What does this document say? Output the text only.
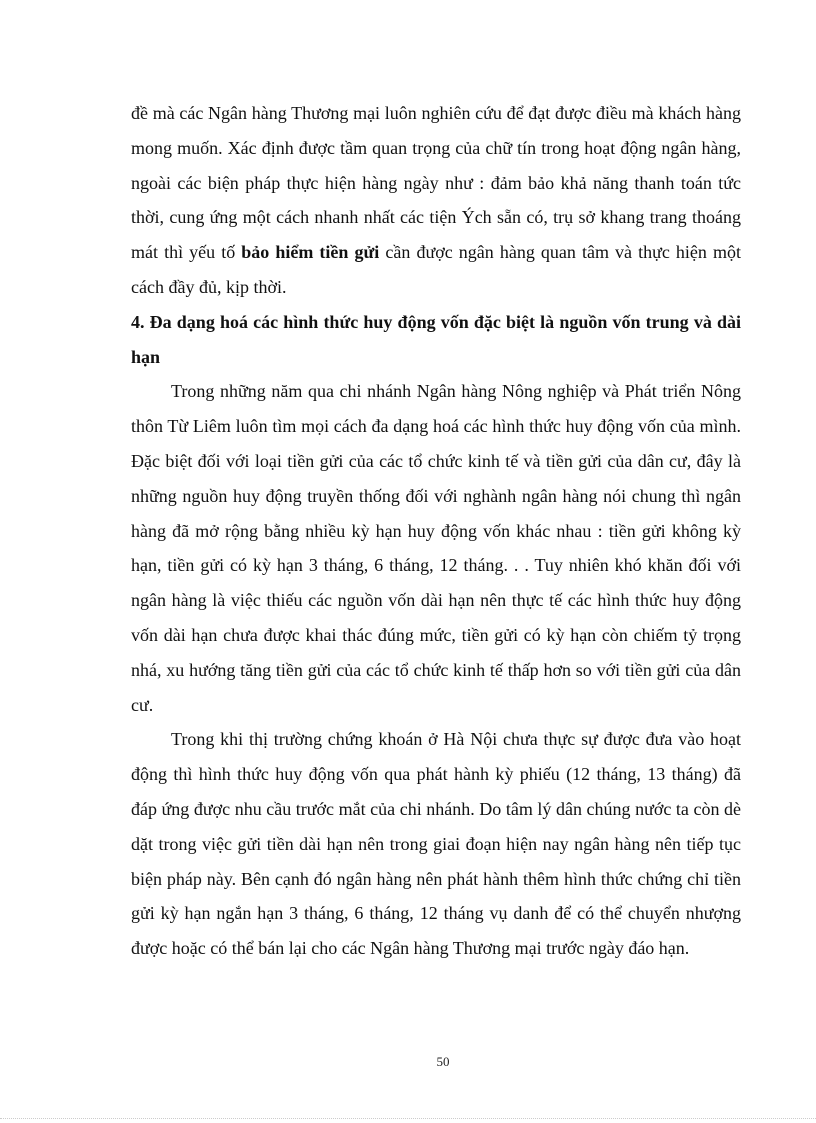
đề mà các Ngân hàng Thương mại luôn nghiên cứu để đạt được điều mà khách hàng mong muốn. Xác định được tầm quan trọng của chữ tín trong hoạt động ngân hàng, ngoài các biện pháp thực hiện hàng ngày như : đảm bảo khả năng thanh toán tức thời, cung ứng một cách nhanh nhất các tiện Ých sẵn có, trụ sở khang trang thoáng mát thì yếu tố bảo hiểm tiền gửi cần được ngân hàng quan tâm và thực hiện một cách đầy đủ, kịp thời.

4. Đa dạng hoá các hình thức huy động vốn đặc biệt là nguồn vốn trung và dài hạn

Trong những năm qua chi nhánh Ngân hàng Nông nghiệp và Phát triển Nông thôn Từ Liêm luôn tìm mọi cách đa dạng hoá các hình thức huy động vốn của mình. Đặc biệt đối với loại tiền gửi của các tổ chức kinh tế và tiền gửi của dân cư, đây là những nguồn huy động truyền thống đối với nghành ngân hàng nói chung thì ngân hàng đã mở rộng bằng nhiều kỳ hạn huy động vốn khác nhau : tiền gửi không kỳ hạn, tiền gửi có kỳ hạn 3 tháng, 6 tháng, 12 tháng. . . Tuy nhiên khó khăn đối với ngân hàng là việc thiếu các nguồn vốn dài hạn nên thực tế các hình thức huy động vốn dài hạn chưa được khai thác đúng mức, tiền gửi có kỳ hạn còn chiếm tỷ trọng nhá, xu hướng tăng tiền gửi của các tổ chức kinh tế thấp hơn so với tiền gửi của dân cư.

Trong khi thị trường chứng khoán ở Hà Nội chưa thực sự được đưa vào hoạt động thì hình thức huy động vốn qua phát hành kỳ phiếu (12 tháng, 13 tháng) đã đáp ứng được nhu cầu trước mắt của chi nhánh. Do tâm lý dân chúng nước ta còn dè dặt trong việc gửi tiền dài hạn nên trong giai đoạn hiện nay ngân hàng nên tiếp tục biện pháp này. Bên cạnh đó ngân hàng nên phát hành thêm hình thức chứng chỉ tiền gửi kỳ hạn ngắn hạn 3 tháng, 6 tháng, 12 tháng vụ danh để có thể chuyển nhượng được hoặc có thể bán lại cho các Ngân hàng Thương mại trước ngày đáo hạn.

50
